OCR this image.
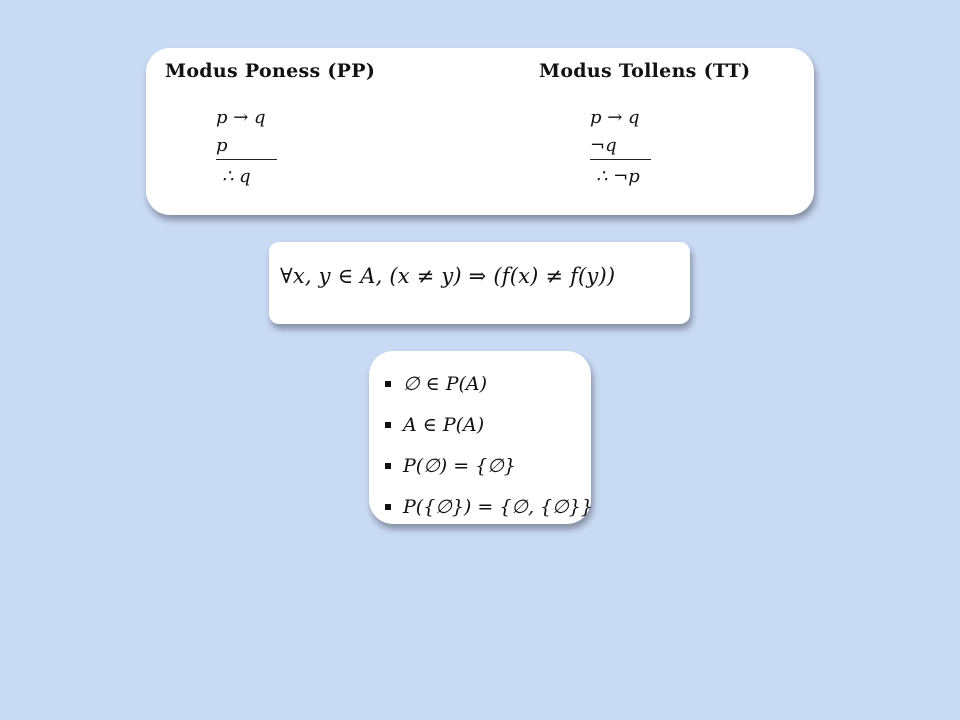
Modus Poness (PP)	Modus Tollens (TT)
p → q
p
∴ q
p → q
¬q
∴ ¬p
∀x, y ∈ A, (x ≠ y) ⇒ (f(x) ≠ f(y))
∅ ∈ P(A)
A ∈ P(A)
P(∅) = {∅}
P({∅}) = {∅, {∅}}
